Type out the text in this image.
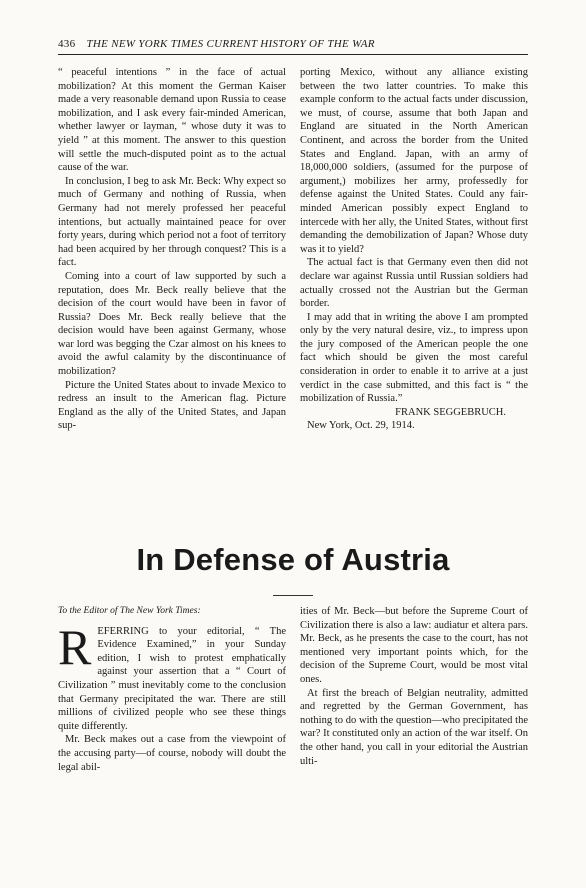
436 THE NEW YORK TIMES CURRENT HISTORY OF THE WAR

“ peaceful intentions ” in the face of actual mobilization? At this moment the German Kaiser made a very reasonable demand upon Russia to cease mobilization, and I ask every fair-minded American, whether lawyer or layman, “ whose duty it was to yield ” at this moment. The answer to this question will settle the much-disputed point as to the actual cause of the war.

In conclusion, I beg to ask Mr. Beck: Why expect so much of Germany and nothing of Russia, when Germany had not merely professed her peaceful intentions, but actually maintained peace for over forty years, during which period not a foot of territory had been acquired by her through conquest? This is a fact.

Coming into a court of law supported by such a reputation, does Mr. Beck really believe that the decision of the court would have been in favor of Russia? Does Mr. Beck really believe that the decision would have been against Germany, whose war lord was begging the Czar almost on his knees to avoid the awful calamity by the discontinuance of mobilization?

Picture the United States about to invade Mexico to redress an insult to the American flag. Picture England as the ally of the United States, and Japan sup-

porting Mexico, without any alliance existing between the two latter countries. To make this example conform to the actual facts under discussion, we must, of course, assume that both Japan and England are situated in the North American Continent, and across the border from the United States and England. Japan, with an army of 18,000,000 soldiers, (assumed for the purpose of argument,) mobilizes her army, professedly for defense against the United States. Could any fair-minded American possibly expect England to intercede with her ally, the United States, without first demanding the demobilization of Japan? Whose duty was it to yield?

The actual fact is that Germany even then did not declare war against Russia until Russian soldiers had actually crossed not the Austrian but the German border.

I may add that in writing the above I am prompted only by the very natural desire, viz., to impress upon the jury composed of the American people the one fact which should be given the most careful consideration in order to enable it to arrive at a just verdict in the case submitted, and this fact is “ the mobilization of Russia.”

FRANK SEGGEBRUCH.

New York, Oct. 29, 1914.

In Defense of Austria

To the Editor of The New York Times:

REFERRING to your editorial, “ The Evidence Examined,” in your Sunday edition, I wish to protest emphatically against your assertion that a “ Court of Civilization ” must inevitably come to the conclusion that Germany precipitated the war. There are still millions of civilized people who see these things quite differently.

Mr. Beck makes out a case from the viewpoint of the accusing party—of course, nobody will doubt the legal abil-

ities of Mr. Beck—but before the Supreme Court of Civilization there is also a law: audiatur et altera pars. Mr. Beck, as he presents the case to the court, has not mentioned very important points which, for the decision of the Supreme Court, would be most vital ones.

At first the breach of Belgian neutrality, admitted and regretted by the German Government, has nothing to do with the question—who precipitated the war? It constituted only an action of the war itself. On the other hand, you call in your editorial the Austrian ulti-
